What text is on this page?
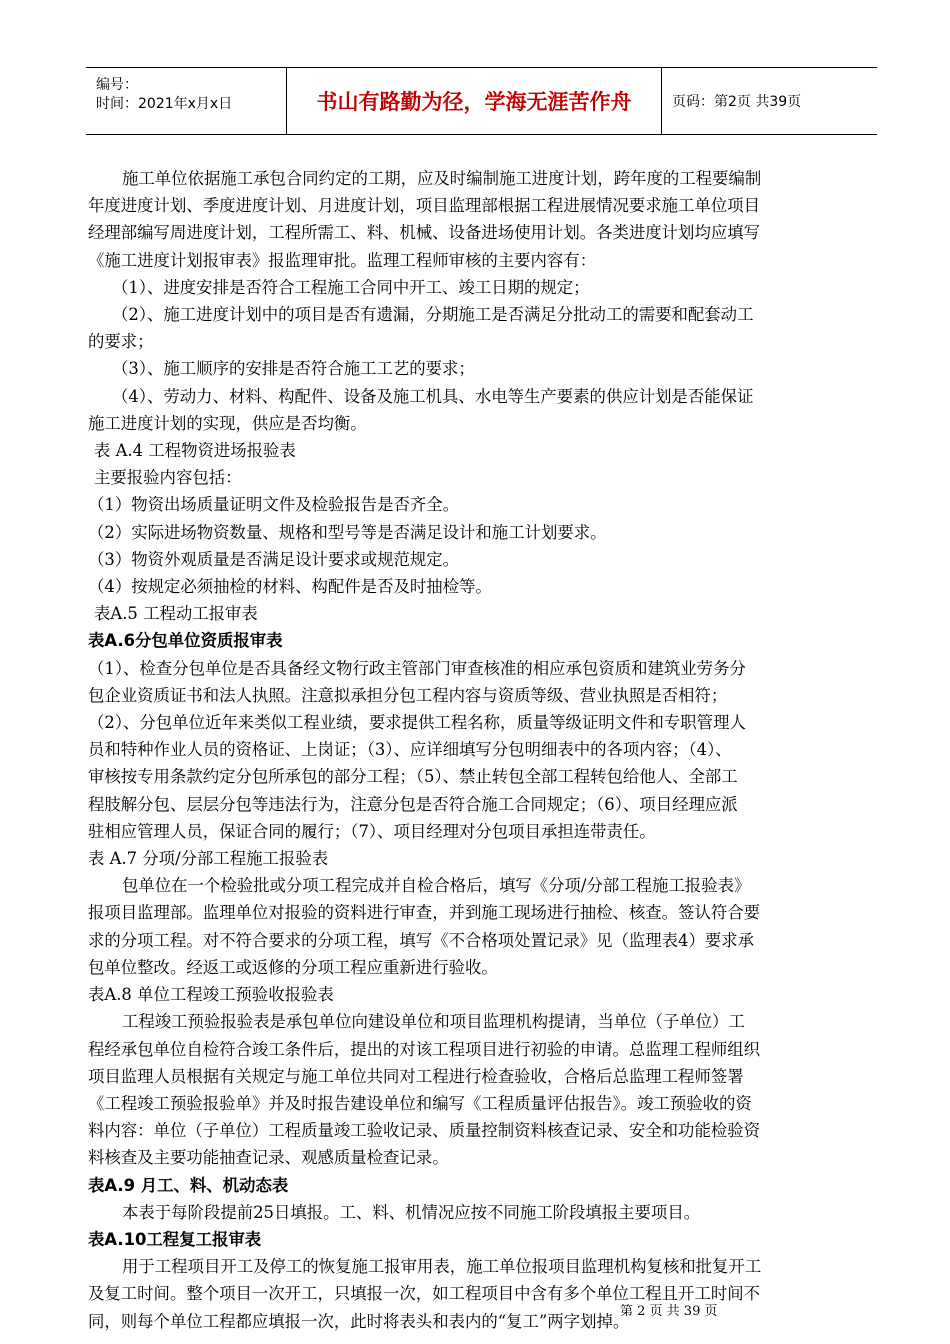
编号：
时间：2021年x月x日	书山有路勤为径，学海无涯苦作舟	页码：第2页 共39页

施工单位依据施工承包合同约定的工期，应及时编制施工进度计划，跨年度的工程要编制

年度进度计划、季度进度计划、月进度计划，项目监理部根据工程进展情况要求施工单位项目

经理部编写周进度计划，工程所需工、料、机械、设备进场使用计划。各类进度计划均应填写

《施工进度计划报审表》报监理审批。监理工程师审核的主要内容有：

（1）、进度安排是否符合工程施工合同中开工、竣工日期的规定；

（2）、施工进度计划中的项目是否有遗漏，分期施工是否满足分批动工的需要和配套动工

的要求；

（3）、施工顺序的安排是否符合施工工艺的要求；

（4）、劳动力、材料、构配件、设备及施工机具、水电等生产要素的供应计划是否能保证

施工进度计划的实现，供应是否均衡。

表 A.4 工程物资进场报验表

主要报验内容包括：

（1）物资出场质量证明文件及检验报告是否齐全。

（2）实际进场物资数量、规格和型号等是否满足设计和施工计划要求。

（3）物资外观质量是否满足设计要求或规范规定。

（4）按规定必须抽检的材料、构配件是否及时抽检等。

表A.5 工程动工报审表

表A.6分包单位资质报审表

（1）、检查分包单位是否具备经文物行政主管部门审查核准的相应承包资质和建筑业劳务分

包企业资质证书和法人执照。注意拟承担分包工程内容与资质等级、营业执照是否相符；

（2）、分包单位近年来类似工程业绩，要求提供工程名称，质量等级证明文件和专职管理人

员和特种作业人员的资格证、上岗证；（3）、应详细填写分包明细表中的各项内容；（4）、

审核按专用条款约定分包所承包的部分工程；（5）、禁止转包全部工程转包给他人、全部工

程肢解分包、层层分包等违法行为，注意分包是否符合施工合同规定；（6）、项目经理应派

驻相应管理人员，保证合同的履行；（7）、项目经理对分包项目承担连带责任。

表 A.7 分项/分部工程施工报验表

包单位在一个检验批或分项工程完成并自检合格后，填写《分项/分部工程施工报验表》

报项目监理部。监理单位对报验的资料进行审查，并到施工现场进行抽检、核查。签认符合要

求的分项工程。对不符合要求的分项工程，填写《不合格项处置记录》见（监理表4）要求承

包单位整改。经返工或返修的分项工程应重新进行验收。

表A.8 单位工程竣工预验收报验表

工程竣工预验报验表是承包单位向建设单位和项目监理机构提请，当单位（子单位）工

程经承包单位自检符合竣工条件后，提出的对该工程项目进行初验的申请。总监理工程师组织

项目监理人员根据有关规定与施工单位共同对工程进行检查验收，合格后总监理工程师签署

《工程竣工预验报验单》并及时报告建设单位和编写《工程质量评估报告》。竣工预验收的资

料内容：单位（子单位）工程质量竣工验收记录、质量控制资料核查记录、安全和功能检验资

料核查及主要功能抽查记录、观感质量检查记录。

表A.9 月工、料、机动态表

本表于每阶段提前25日填报。工、料、机情况应按不同施工阶段填报主要项目。

表A.10工程复工报审表

用于工程项目开工及停工的恢复施工报审用表，施工单位报项目监理机构复核和批复开工

及复工时间。整个项目一次开工，只填报一次，如工程项目中含有多个单位工程且开工时间不

同，则每个单位工程都应填报一次，此时将表头和表内的“复工”两字划掉。

第 2 页 共 39 页
